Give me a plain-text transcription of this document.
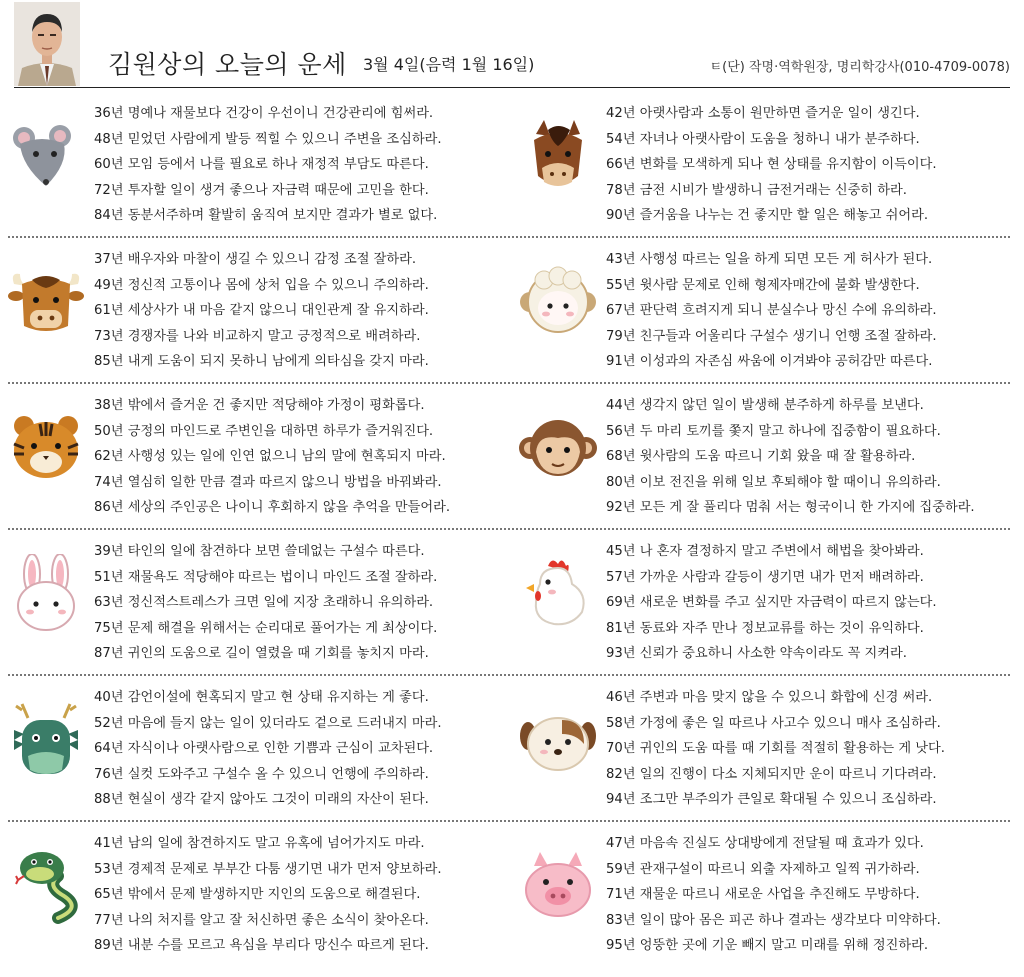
김원상의 오늘의 운세 3월 4일(음력 1월 16일)	ㅌ(단) 작명·역학원장, 명리학강사(010-4709-0078)
36년 명예나 재물보다 건강이 우선이니 건강관리에 힘써라.
48년 믿었던 사람에게 발등 찍힐 수 있으니 주변을 조심하라.
60년 모임 등에서 나를 필요로 하나 재정적 부담도 따른다.
72년 투자할 일이 생겨 좋으나 자금력 때문에 고민을 한다.
84년 동분서주하며 활발히 움직여 보지만 결과가 별로 없다.
42년 아랫사람과 소통이 원만하면 즐거운 일이 생긴다.
54년 자녀나 아랫사람이 도움을 청하니 내가 분주하다.
66년 변화를 모색하게 되나 현 상태를 유지함이 이득이다.
78년 금전 시비가 발생하니 금전거래는 신중히 하라.
90년 즐거움을 나누는 건 좋지만 할 일은 해놓고 쉬어라.
37년 배우자와 마찰이 생길 수 있으니 감정 조절 잘하라.
49년 정신적 고통이나 몸에 상처 입을 수 있으니 주의하라.
61년 세상사가 내 마음 같지 않으니 대인관계 잘 유지하라.
73년 경쟁자를 나와 비교하지 말고 긍정적으로 배려하라.
85년 내게 도움이 되지 못하니 남에게 의타심을 갖지 마라.
43년 사행성 따르는 일을 하게 되면 모든 게 허사가 된다.
55년 윗사람 문제로 인해 형제자매간에 불화 발생한다.
67년 판단력 흐려지게 되니 분실수나 망신 수에 유의하라.
79년 친구들과 어울리다 구설수 생기니 언행 조절 잘하라.
91년 이성과의 자존심 싸움에 이겨봐야 공허감만 따른다.
38년 밖에서 즐거운 건 좋지만 적당해야 가정이 평화롭다.
50년 긍정의 마인드로 주변인을 대하면 하루가 즐거워진다.
62년 사행성 있는 일에 인연 없으니 남의 말에 현혹되지 마라.
74년 열심히 일한 만큼 결과 따르지 않으니 방법을 바꿔봐라.
86년 세상의 주인공은 나이니 후회하지 않을 추억을 만들어라.
44년 생각지 않던 일이 발생해 분주하게 하루를 보낸다.
56년 두 마리 토끼를 쫓지 말고 하나에 집중함이 필요하다.
68년 윗사람의 도움 따르니 기회 왔을 때 잘 활용하라.
80년 이보 전진을 위해 일보 후퇴해야 할 때이니 유의하라.
92년 모든 게 잘 풀리다 멈춰 서는 형국이니 한 가지에 집중하라.
39년 타인의 일에 참견하다 보면 쓸데없는 구설수 따른다.
51년 재물욕도 적당해야 따르는 법이니 마인드 조절 잘하라.
63년 정신적스트레스가 크면 일에 지장 초래하니 유의하라.
75년 문제 해결을 위해서는 순리대로 풀어가는 게 최상이다.
87년 귀인의 도움으로 길이 열렸을 때 기회를 놓치지 마라.
45년 나 혼자 결정하지 말고 주변에서 해법을 찾아봐라.
57년 가까운 사람과 갈등이 생기면 내가 먼저 배려하라.
69년 새로운 변화를 주고 싶지만 자금력이 따르지 않는다.
81년 동료와 자주 만나 정보교류를 하는 것이 유익하다.
93년 신뢰가 중요하니 사소한 약속이라도 꼭 지켜라.
40년 감언이설에 현혹되지 말고 현 상태 유지하는 게 좋다.
52년 마음에 들지 않는 일이 있더라도 겉으로 드러내지 마라.
64년 자식이나 아랫사람으로 인한 기쁨과 근심이 교차된다.
76년 실컷 도와주고 구설수 올 수 있으니 언행에 주의하라.
88년 현실이 생각 같지 않아도 그것이 미래의 자산이 된다.
46년 주변과 마음 맞지 않을 수 있으니 화합에 신경 써라.
58년 가정에 좋은 일 따르나 사고수 있으니 매사 조심하라.
70년 귀인의 도움 따를 때 기회를 적절히 활용하는 게 낫다.
82년 일의 진행이 다소 지체되지만 운이 따르니 기다려라.
94년 조그만 부주의가 큰일로 확대될 수 있으니 조심하라.
41년 남의 일에 참견하지도 말고 유혹에 넘어가지도 마라.
53년 경제적 문제로 부부간 다툼 생기면 내가 먼저 양보하라.
65년 밖에서 문제 발생하지만 지인의 도움으로 해결된다.
77년 나의 처지를 알고 잘 처신하면 좋은 소식이 찾아온다.
89년 내분 수를 모르고 욕심을 부리다 망신수 따르게 된다.
47년 마음속 진실도 상대방에게 전달될 때 효과가 있다.
59년 관재구설이 따르니 외출 자제하고 일찍 귀가하라.
71년 재물운 따르니 새로운 사업을 추진해도 무방하다.
83년 일이 많아 몸은 피곤 하나 결과는 생각보다 미약하다.
95년 엉뚱한 곳에 기운 빼지 말고 미래를 위해 정진하라.
